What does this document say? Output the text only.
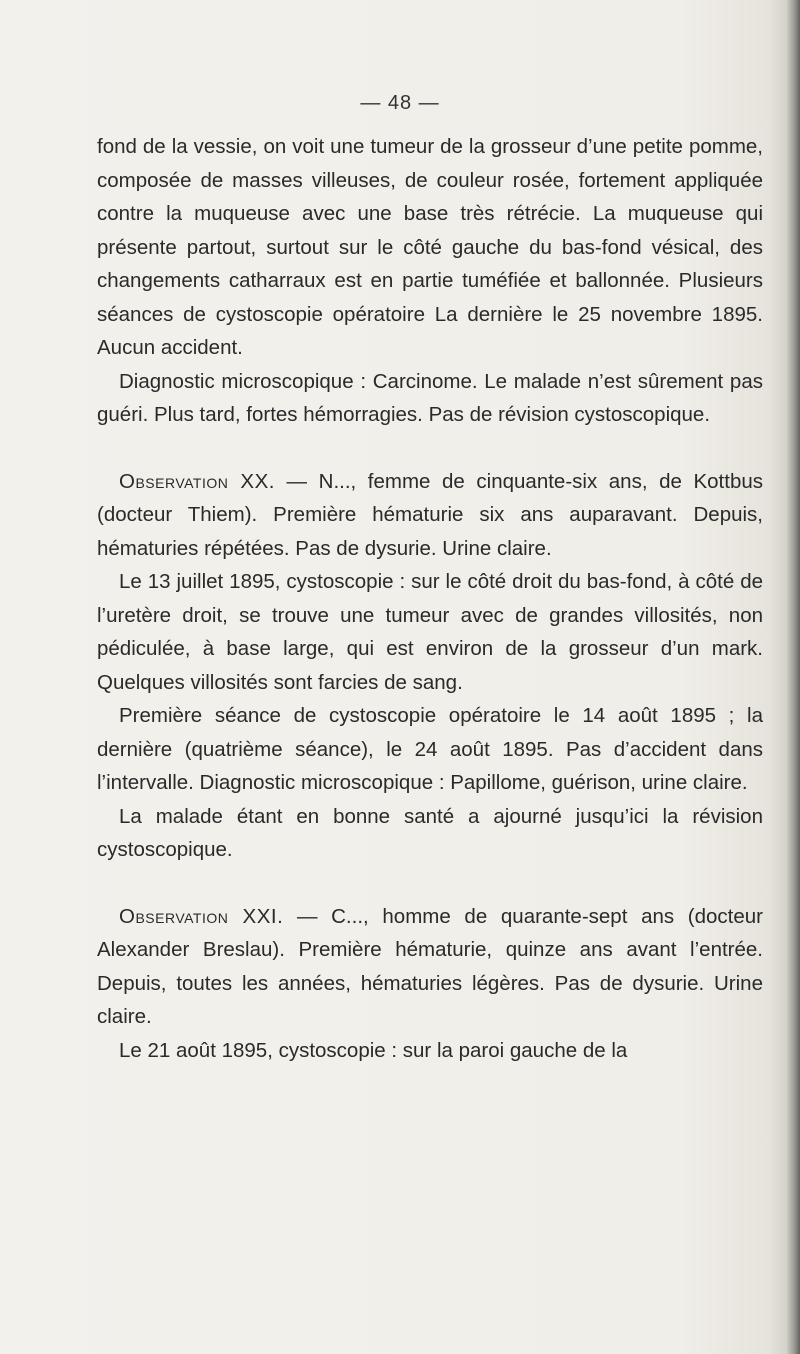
— 48 —

fond de la vessie, on voit une tumeur de la grosseur d’une petite pomme, composée de masses villeuses, de couleur rosée, fortement appliquée contre la muqueuse avec une base très rétrécie. La muqueuse qui présente partout, surtout sur le côté gauche du bas-fond vésical, des changements catharraux est en partie tuméfiée et ballonnée. Plusieurs séances de cystoscopie opératoire La dernière le 25 novembre 1895. Aucun accident.

Diagnostic microscopique : Carcinome. Le malade n’est sûrement pas guéri. Plus tard, fortes hémorragies. Pas de révision cystoscopique.

Observation XX. — N..., femme de cinquante-six ans, de Kottbus (docteur Thiem). Première hématurie six ans auparavant. Depuis, hématuries répétées. Pas de dysurie. Urine claire.

Le 13 juillet 1895, cystoscopie : sur le côté droit du bas-fond, à côté de l’uretère droit, se trouve une tumeur avec de grandes villosités, non pédiculée, à base large, qui est environ de la grosseur d’un mark. Quelques villosités sont farcies de sang.

Première séance de cystoscopie opératoire le 14 août 1895 ; la dernière (quatrième séance), le 24 août 1895. Pas d’accident dans l’intervalle. Diagnostic microscopique : Papillome, guérison, urine claire.

La malade étant en bonne santé a ajourné jusqu’ici la révision cystoscopique.

Observation XXI. — C..., homme de quarante-sept ans (docteur Alexander Breslau). Première hématurie, quinze ans avant l’entrée. Depuis, toutes les années, hématuries légères. Pas de dysurie. Urine claire.

Le 21 août 1895, cystoscopie : sur la paroi gauche de la
